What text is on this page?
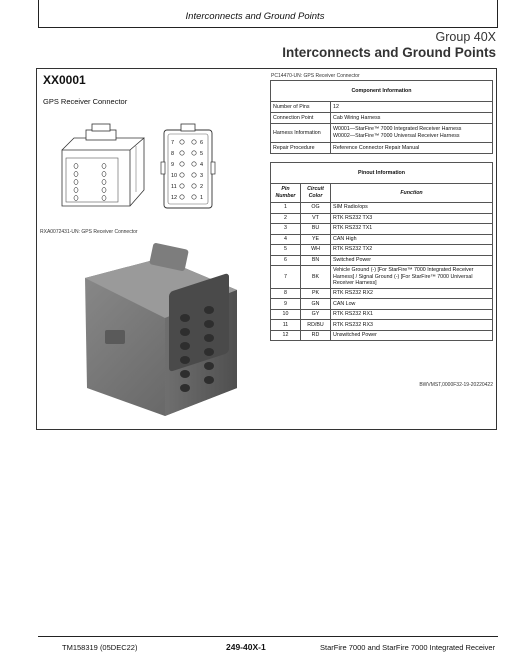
Interconnects and Ground Points
Group 40X
Interconnects and Ground Points
XX0001
GPS Receiver Connector
7
8
9
10
11
12
6
5
4
3
2
1
RXA0072431-UN: GPS Receiver Connector
PC14470-UN: GPS Receiver Connector
Component Information	
Number of Pins	12
Connection Point	Cab Wiring Harness
Harness Information	W0001—StarFire™ 7000 Integrated Receiver Harness
W0002—StarFire™ 7000 Universal Receiver Harness

Repair Procedure	Reference Connector Repair Manual
Pinout Information		
Pin Number	Circuit Color	Function
1	OG	SIM Radio/ops
2	VT	RTK RS232 TX3
3	BU	RTK RS232 TX1
4	YE	CAN High
5	WH	RTK RS232 TX2
6	BN	Switched Power
7	BK	Vehicle Ground (-) [For StarFire™ 7000 Integrated Receiver Harness] / Signal Ground (-) [For StarFire™ 7000 Universal Receiver Harness]
8	PK	RTK RS232 RX2
9	GN	CAN Low
10	GY	RTK RS232 RX1
11	RD/BU	RTK RS232 RX3
12	RD	Unswitched Power
BWVMST,0000F32-19-20220422
TM158319 (05DEC22)	249-40X-1	StarFire 7000 and StarFire 7000 Integrated Receiver
